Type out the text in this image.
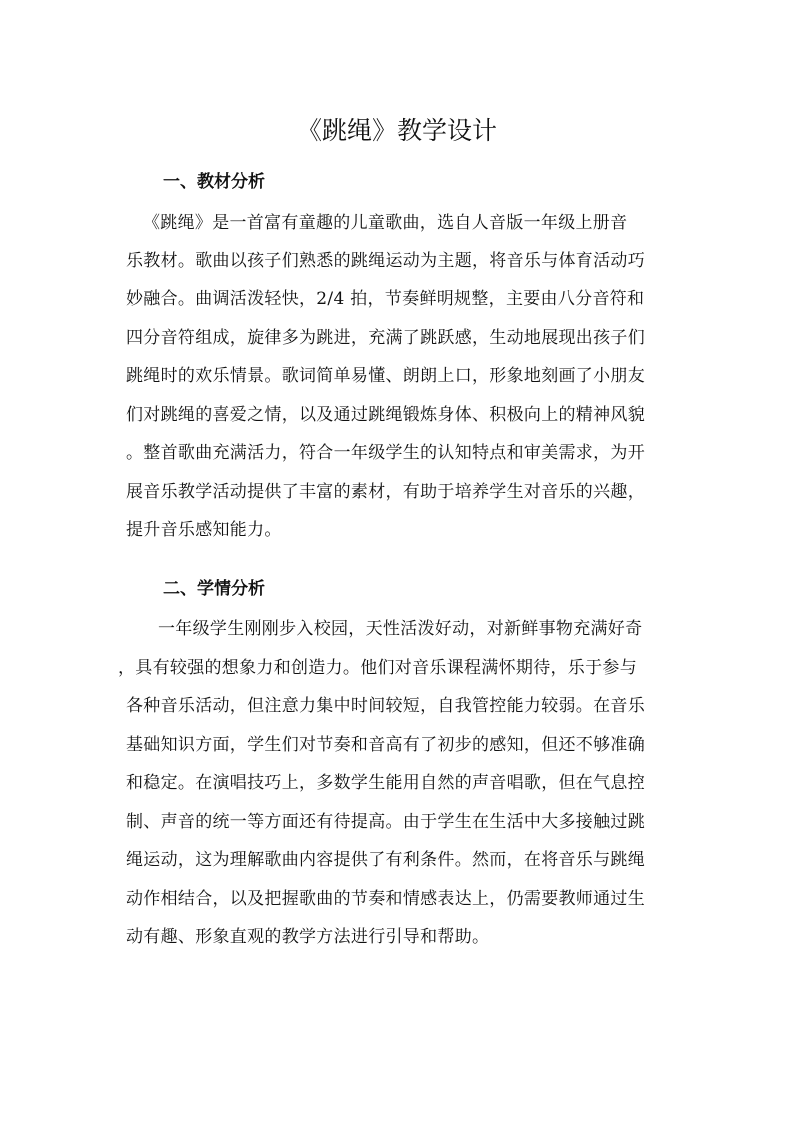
《跳绳》教学设计
一、教材分析
《跳绳》是一首富有童趣的儿童歌曲，选自人音版一年级上册音
乐教材。歌曲以孩子们熟悉的跳绳运动为主题，将音乐与体育活动巧
妙融合。曲调活泼轻快，2/4 拍，节奏鲜明规整，主要由八分音符和
四分音符组成，旋律多为跳进，充满了跳跃感，生动地展现出孩子们
跳绳时的欢乐情景。歌词简单易懂、朗朗上口，形象地刻画了小朋友
们对跳绳的喜爱之情，以及通过跳绳锻炼身体、积极向上的精神风貌
。整首歌曲充满活力，符合一年级学生的认知特点和审美需求，为开
展音乐教学活动提供了丰富的素材，有助于培养学生对音乐的兴趣，
提升音乐感知能力。
二、学情分析
一年级学生刚刚步入校园，天性活泼好动，对新鲜事物充满好奇
，具有较强的想象力和创造力。他们对音乐课程满怀期待，乐于参与
各种音乐活动，但注意力集中时间较短，自我管控能力较弱。在音乐
基础知识方面，学生们对节奏和音高有了初步的感知，但还不够准确
和稳定。在演唱技巧上，多数学生能用自然的声音唱歌，但在气息控
制、声音的统一等方面还有待提高。由于学生在生活中大多接触过跳
绳运动，这为理解歌曲内容提供了有利条件。然而，在将音乐与跳绳
动作相结合，以及把握歌曲的节奏和情感表达上，仍需要教师通过生
动有趣、形象直观的教学方法进行引导和帮助。
